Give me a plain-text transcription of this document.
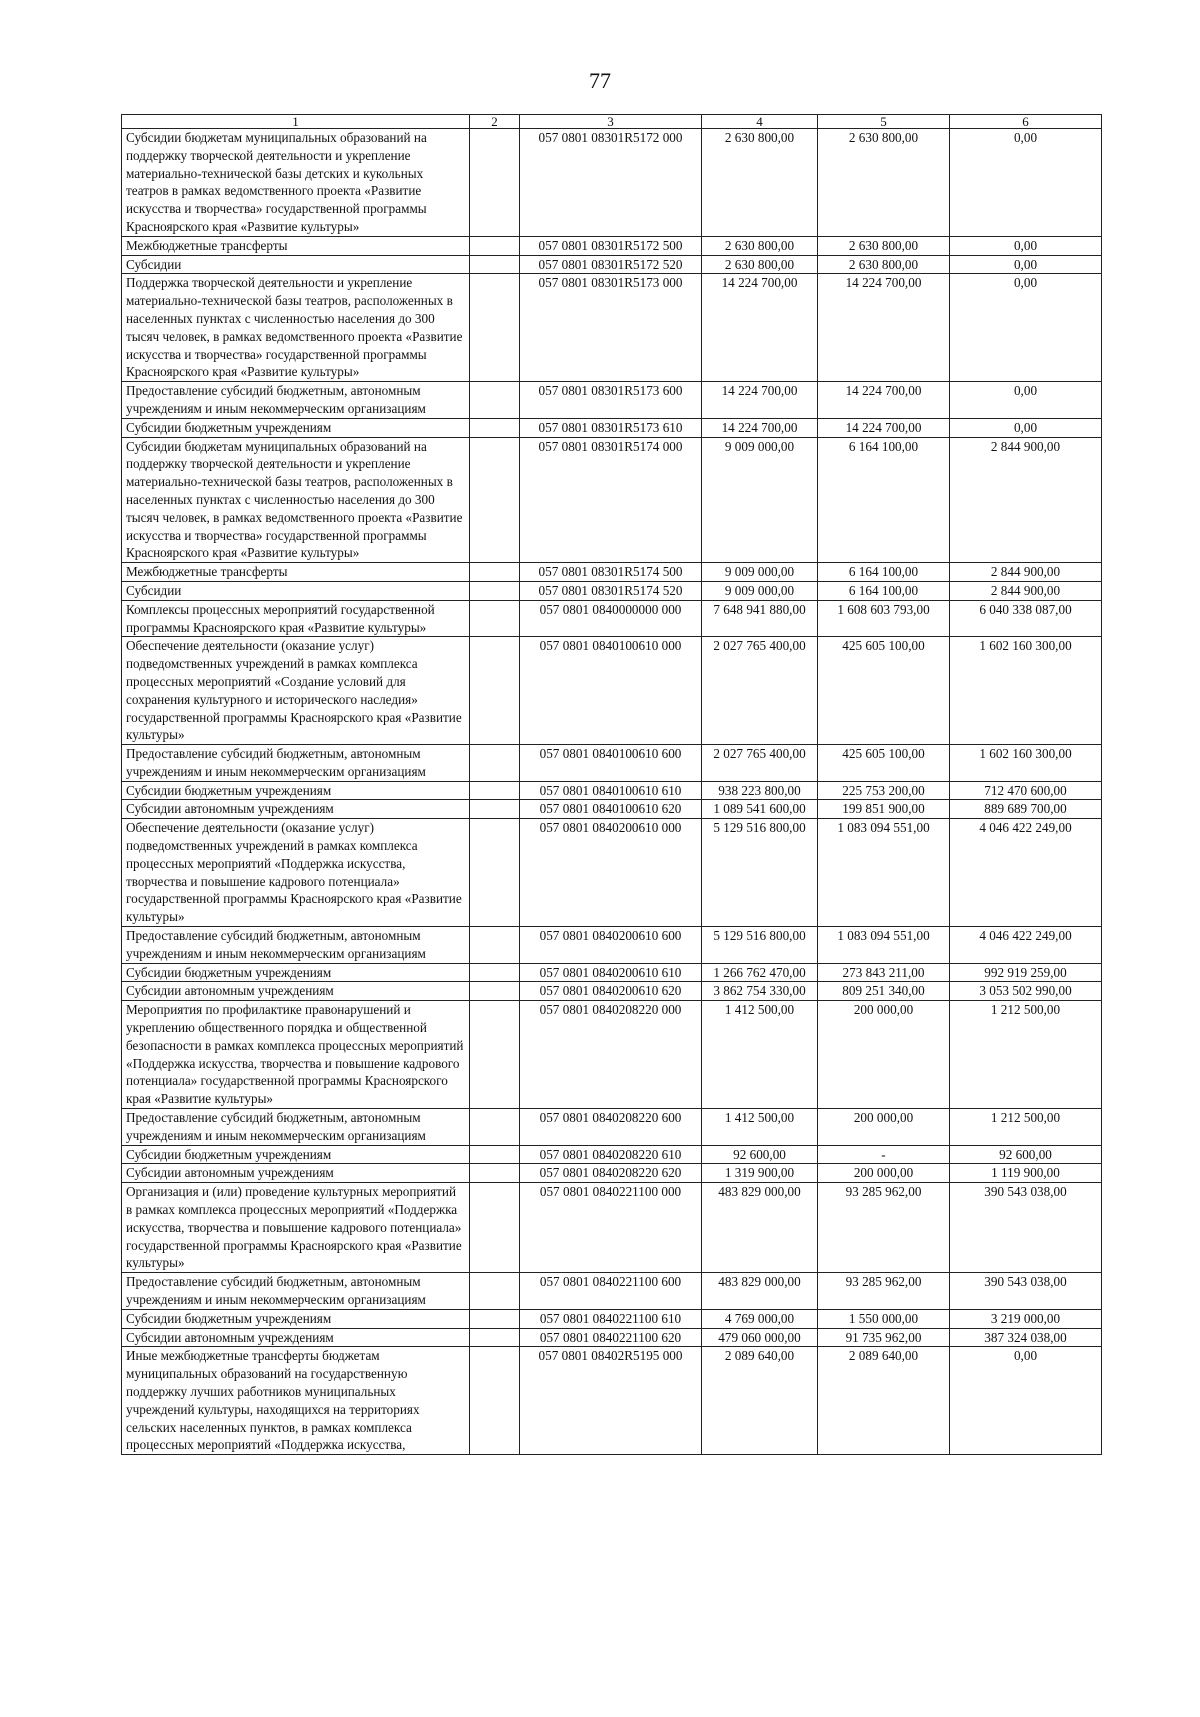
77
1	2	3	4	5	6
Субсидии бюджетам муниципальных образований на поддержку творческой деятельности и укрепление материально-технической базы детских и кукольных театров в рамках ведомственного проекта «Развитие искусства и творчества» государственной программы Красноярского края «Развитие культуры»		057 0801 08301R5172 000	2 630 800,00	2 630 800,00	0,00
Межбюджетные трансферты		057 0801 08301R5172 500	2 630 800,00	2 630 800,00	0,00
Субсидии		057 0801 08301R5172 520	2 630 800,00	2 630 800,00	0,00
Поддержка творческой деятельности и укрепление материально-технической базы театров, расположенных в населенных пунктах с численностью населения до 300 тысяч человек, в рамках ведомственного проекта «Развитие искусства и творчества» государственной программы Красноярского края «Развитие культуры»		057 0801 08301R5173 000	14 224 700,00	14 224 700,00	0,00
Предоставление субсидий бюджетным, автономным учреждениям и иным некоммерческим организациям		057 0801 08301R5173 600	14 224 700,00	14 224 700,00	0,00
Субсидии бюджетным учреждениям		057 0801 08301R5173 610	14 224 700,00	14 224 700,00	0,00
Субсидии бюджетам муниципальных образований на поддержку творческой деятельности и укрепление материально-технической базы театров, расположенных в населенных пунктах с численностью населения до 300 тысяч человек, в рамках ведомственного проекта «Развитие искусства и творчества» государственной программы Красноярского края «Развитие культуры»		057 0801 08301R5174 000	9 009 000,00	6 164 100,00	2 844 900,00
Межбюджетные трансферты		057 0801 08301R5174 500	9 009 000,00	6 164 100,00	2 844 900,00
Субсидии		057 0801 08301R5174 520	9 009 000,00	6 164 100,00	2 844 900,00
Комплексы процессных мероприятий государственной программы Красноярского края «Развитие культуры»		057 0801 0840000000 000	7 648 941 880,00	1 608 603 793,00	6 040 338 087,00
Обеспечение деятельности (оказание услуг) подведомственных учреждений в рамках комплекса процессных мероприятий «Создание условий для сохранения культурного и исторического наследия» государственной программы Красноярского края «Развитие культуры»		057 0801 0840100610 000	2 027 765 400,00	425 605 100,00	1 602 160 300,00
Предоставление субсидий бюджетным, автономным учреждениям и иным некоммерческим организациям		057 0801 0840100610 600	2 027 765 400,00	425 605 100,00	1 602 160 300,00
Субсидии бюджетным учреждениям		057 0801 0840100610 610	938 223 800,00	225 753 200,00	712 470 600,00
Субсидии автономным учреждениям		057 0801 0840100610 620	1 089 541 600,00	199 851 900,00	889 689 700,00
Обеспечение деятельности (оказание услуг) подведомственных учреждений в рамках комплекса процессных мероприятий «Поддержка искусства, творчества и повышение кадрового потенциала» государственной программы Красноярского края «Развитие культуры»		057 0801 0840200610 000	5 129 516 800,00	1 083 094 551,00	4 046 422 249,00
Предоставление субсидий бюджетным, автономным учреждениям и иным некоммерческим организациям		057 0801 0840200610 600	5 129 516 800,00	1 083 094 551,00	4 046 422 249,00
Субсидии бюджетным учреждениям		057 0801 0840200610 610	1 266 762 470,00	273 843 211,00	992 919 259,00
Субсидии автономным учреждениям		057 0801 0840200610 620	3 862 754 330,00	809 251 340,00	3 053 502 990,00
Мероприятия по профилактике правонарушений и укреплению общественного порядка и общественной безопасности в рамках комплекса процессных мероприятий «Поддержка искусства, творчества и повышение кадрового потенциала» государственной программы Красноярского края «Развитие культуры»		057 0801 0840208220 000	1 412 500,00	200 000,00	1 212 500,00
Предоставление субсидий бюджетным, автономным учреждениям и иным некоммерческим организациям		057 0801 0840208220 600	1 412 500,00	200 000,00	1 212 500,00
Субсидии бюджетным учреждениям		057 0801 0840208220 610	92 600,00	-	92 600,00
Субсидии автономным учреждениям		057 0801 0840208220 620	1 319 900,00	200 000,00	1 119 900,00
Организация и (или) проведение культурных мероприятий в рамках комплекса процессных мероприятий «Поддержка искусства, творчества и повышение кадрового потенциала» государственной программы Красноярского края «Развитие культуры»		057 0801 0840221100 000	483 829 000,00	93 285 962,00	390 543 038,00
Предоставление субсидий бюджетным, автономным учреждениям и иным некоммерческим организациям		057 0801 0840221100 600	483 829 000,00	93 285 962,00	390 543 038,00
Субсидии бюджетным учреждениям		057 0801 0840221100 610	4 769 000,00	1 550 000,00	3 219 000,00
Субсидии автономным учреждениям		057 0801 0840221100 620	479 060 000,00	91 735 962,00	387 324 038,00
Иные межбюджетные трансферты бюджетам муниципальных образований на государственную поддержку лучших работников муниципальных учреждений культуры, находящихся на территориях сельских населенных пунктов, в рамках комплекса процессных мероприятий «Поддержка искусства,		057 0801 08402R5195 000	2 089 640,00	2 089 640,00	0,00
